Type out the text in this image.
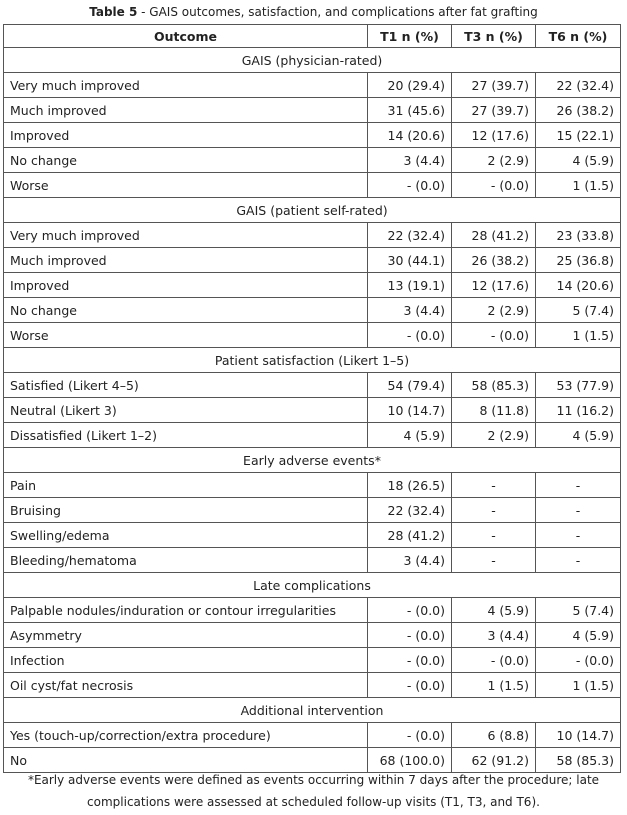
Table 5 - GAIS outcomes, satisfaction, and complications after fat grafting
Outcome	T1 n (%)	T3 n (%)	T6 n (%)
GAIS (physician-rated)			
Very much improved	20 (29.4)	27 (39.7)	22 (32.4)
Much improved	31 (45.6)	27 (39.7)	26 (38.2)
Improved	14 (20.6)	12 (17.6)	15 (22.1)
No change	3 (4.4)	2 (2.9)	4 (5.9)
Worse	- (0.0)	- (0.0)	1 (1.5)
GAIS (patient self-rated)			
Very much improved	22 (32.4)	28 (41.2)	23 (33.8)
Much improved	30 (44.1)	26 (38.2)	25 (36.8)
Improved	13 (19.1)	12 (17.6)	14 (20.6)
No change	3 (4.4)	2 (2.9)	5 (7.4)
Worse	- (0.0)	- (0.0)	1 (1.5)
Patient satisfaction (Likert 1–5)			
Satisfied (Likert 4–5)	54 (79.4)	58 (85.3)	53 (77.9)
Neutral (Likert 3)	10 (14.7)	8 (11.8)	11 (16.2)
Dissatisfied (Likert 1–2)	4 (5.9)	2 (2.9)	4 (5.9)
Early adverse events*			
Pain	18 (26.5)	-	-
Bruising	22 (32.4)	-	-
Swelling/edema	28 (41.2)	-	-
Bleeding/hematoma	3 (4.4)	-	-
Late complications			
Palpable nodules/induration or contour irregularities	- (0.0)	4 (5.9)	5 (7.4)
Asymmetry	- (0.0)	3 (4.4)	4 (5.9)
Infection	- (0.0)	- (0.0)	- (0.0)
Oil cyst/fat necrosis	- (0.0)	1 (1.5)	1 (1.5)
Additional intervention			
Yes (touch-up/correction/extra procedure)	- (0.0)	6 (8.8)	10 (14.7)
No	68 (100.0)	62 (91.2)	58 (85.3)
*Early adverse events were defined as events occurring within 7 days after the procedure; late
complications were assessed at scheduled follow-up visits (T1, T3, and T6).
